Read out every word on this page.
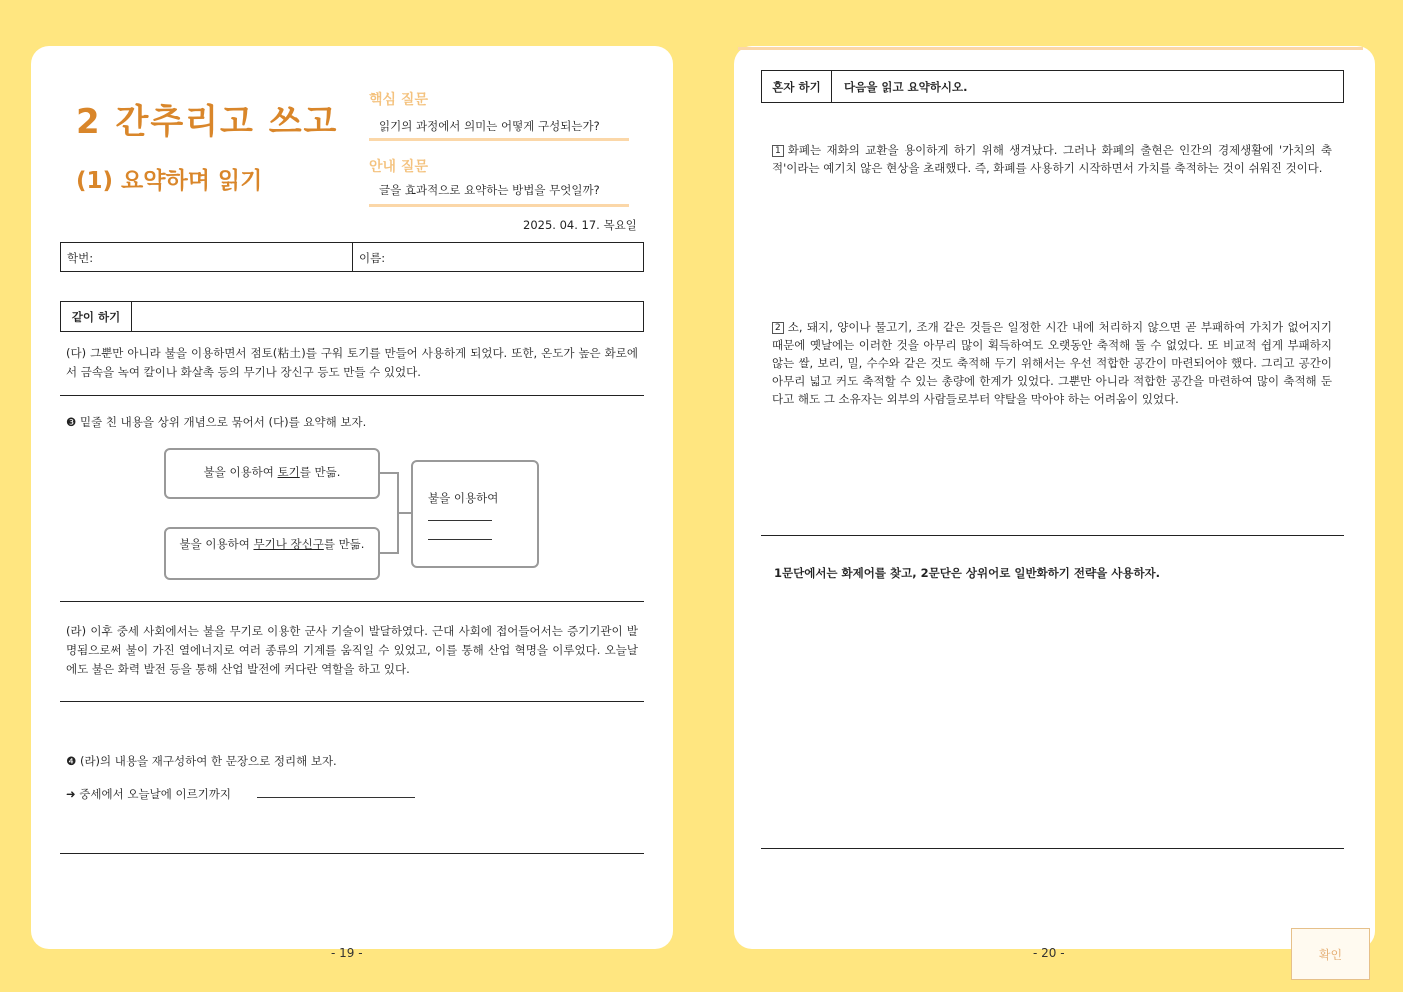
2 간추리고 쓰고
(1) 요약하며 읽기
핵심 질문
읽기의 과정에서 의미는 어떻게 구성되는가?
안내 질문
글을 효과적으로 요약하는 방법을 무엇일까?
2025. 04. 17. 목요일
학번:	이름:
같이 하기
(다) 그뿐만 아니라 불을 이용하면서 점토(粘土)를 구워 토기를 만들어 사용하게 되었다. 또한, 온도가 높은 화로에서 금속을 녹여 칼이나 화살촉 등의 무기나 장신구 등도 만들 수 있었다.
❸ 밑줄 친 내용을 상위 개념으로 묶어서 (다)를 요약해 보자.
불을 이용하여 토기를 만듦.
불을 이용하여 무기나 장신구를 만듦.
불을 이용하여
(라) 이후 중세 사회에서는 불을 무기로 이용한 군사 기술이 발달하였다. 근대 사회에 접어들어서는 증기기관이 발명됨으로써 불이 가진 열에너지로 여러 종류의 기계를 움직일 수 있었고, 이를 통해 산업 혁명을 이루었다. 오늘날에도 불은 화력 발전 등을 통해 산업 발전에 커다란 역할을 하고 있다.
❹ (라)의 내용을 재구성하여 한 문장으로 정리해 보자.
➜ 중세에서 오늘날에 이르기까지
- 19 -
혼자 하기	다음을 읽고 요약하시오.
1 화폐는 재화의 교환을 용이하게 하기 위해 생겨났다. 그러나 화폐의 출현은 인간의 경제생활에 '가치의 축적'이라는 예기치 않은 현상을 초래했다. 즉, 화폐를 사용하기 시작하면서 가치를 축적하는 것이 쉬워진 것이다.
2 소, 돼지, 양이나 물고기, 조개 같은 것들은 일정한 시간 내에 처리하지 않으면 곧 부패하여 가치가 없어지기 때문에 옛날에는 이러한 것을 아무리 많이 획득하여도 오랫동안 축적해 둘 수 없었다. 또 비교적 쉽게 부패하지 않는 쌀, 보리, 밀, 수수와 같은 것도 축적해 두기 위해서는 우선 적합한 공간이 마련되어야 했다. 그리고 공간이 아무리 넓고 커도 축적할 수 있는 총량에 한계가 있었다. 그뿐만 아니라 적합한 공간을 마련하여 많이 축적해 둔다고 해도 그 소유자는 외부의 사람들로부터 약탈을 막아야 하는 어려움이 있었다.
1문단에서는 화제어를 찾고, 2문단은 상위어로 일반화하기 전략을 사용하자.
- 20 -	확인
